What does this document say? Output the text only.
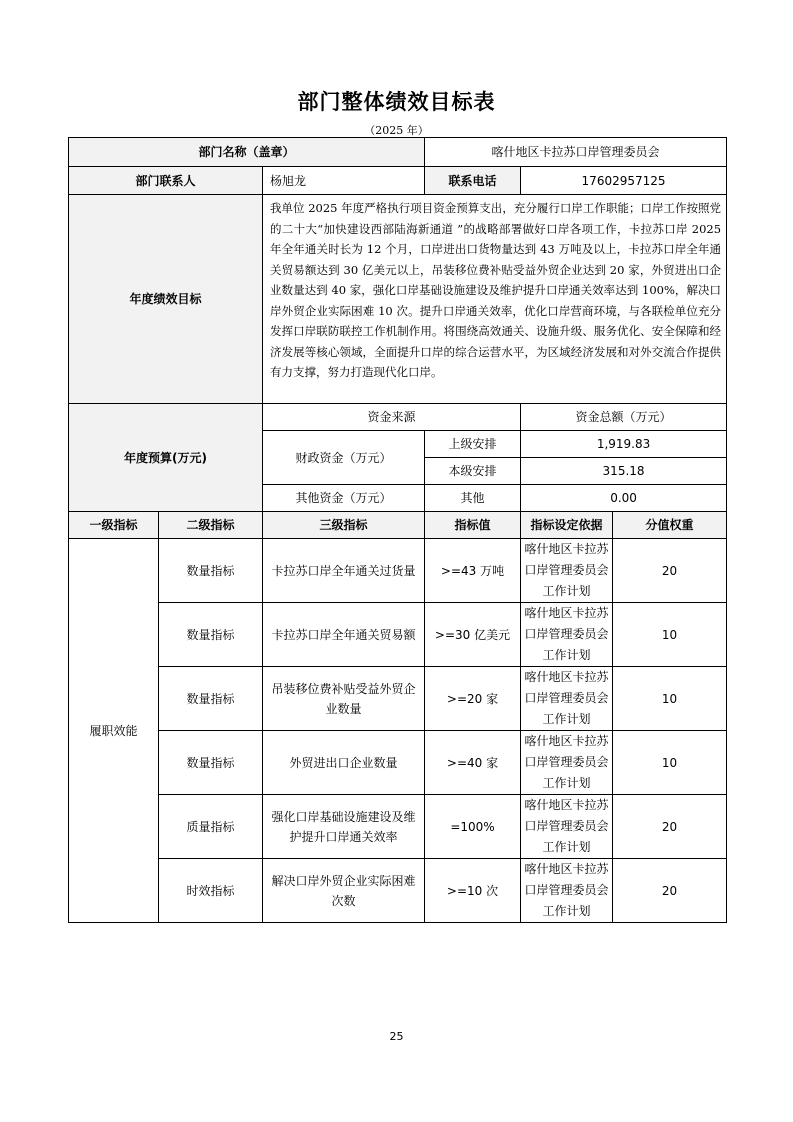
部门整体绩效目标表
（2025 年）
部门名称（盖章）			喀什地区卡拉苏口岸管理委员会		
部门联系人		杨旭龙	联系电话	17602957125	
年度绩效目标		我单位 2025 年度严格执行项目资金预算支出，充分履行口岸工作职能；口岸工作按照党的二十大“加快建设西部陆海新通道 ”的战略部署做好口岸各项工作，卡拉苏口岸 2025 年全年通关时长为 12 个月，口岸进出口货物量达到 43 万吨及以上，卡拉苏口岸全年通关贸易额达到 30 亿美元以上，吊装移位费补贴受益外贸企业达到 20 家，外贸进出口企业数量达到 40 家，强化口岸基础设施建设及维护提升口岸通关效率达到 100%，解决口岸外贸企业实际困难 10 次。提升口岸通关效率，优化口岸营商环境，与各联检单位充分发挥口岸联防联控工作机制作用。将围绕高效通关、设施升级、服务优化、安全保障和经济发展等核心领域，全面提升口岸的综合运营水平，为区域经济发展和对外交流合作提供有力支撑，努力打造现代化口岸。			
年度预算(万元)		资金来源		资金总额（万元）	
		财政资金（万元）	上级安排	1,919.83	
			本级安排	315.18	
		其他资金（万元）	其他	0.00	
一级指标	二级指标	三级指标	指标值	指标设定依据	分值权重
履职效能	数量指标	卡拉苏口岸全年通关过货量	>=43 万吨	喀什地区卡拉苏口岸管理委员会工作计划	20
	数量指标	卡拉苏口岸全年通关贸易额	>=30 亿美元	喀什地区卡拉苏口岸管理委员会工作计划	10
	数量指标	吊装移位费补贴受益外贸企业数量	>=20 家	喀什地区卡拉苏口岸管理委员会工作计划	10
	数量指标	外贸进出口企业数量	>=40 家	喀什地区卡拉苏口岸管理委员会工作计划	10
	质量指标	强化口岸基础设施建设及维护提升口岸通关效率	=100%	喀什地区卡拉苏口岸管理委员会工作计划	20
	时效指标	解决口岸外贸企业实际困难次数	>=10 次	喀什地区卡拉苏口岸管理委员会工作计划	20
25
